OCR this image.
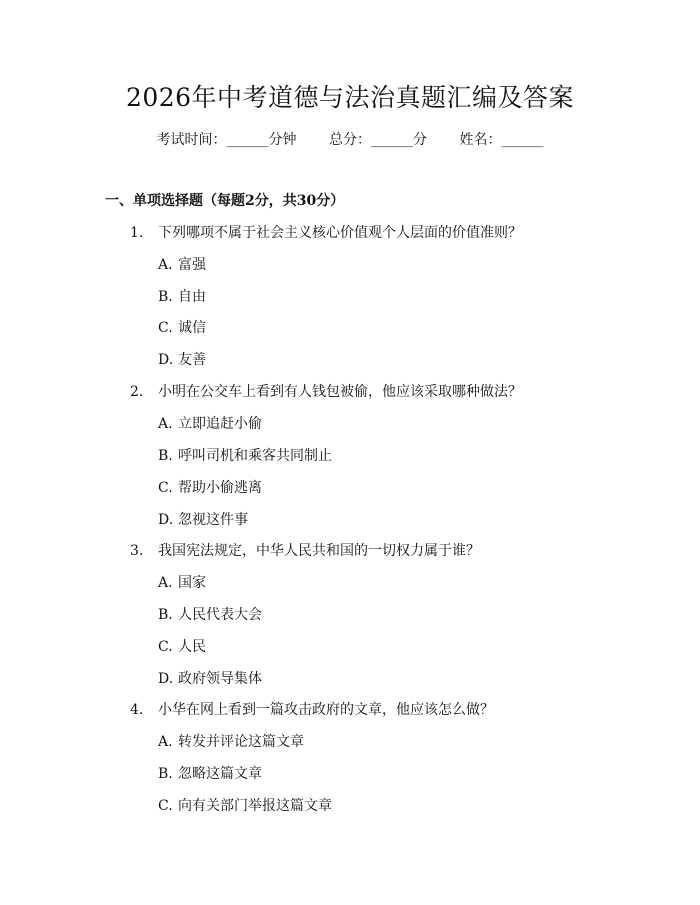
2026年中考道德与法治真题汇编及答案
考试时间：______分钟 总分：______分 姓名：______
一、单项选择题（每题2分，共30分）
1. 下列哪项不属于社会主义核心价值观个人层面的价值准则？
A. 富强
B. 自由
C. 诚信
D. 友善
2. 小明在公交车上看到有人钱包被偷，他应该采取哪种做法？
A. 立即追赶小偷
B. 呼叫司机和乘客共同制止
C. 帮助小偷逃离
D. 忽视这件事
3. 我国宪法规定，中华人民共和国的一切权力属于谁？
A. 国家
B. 人民代表大会
C. 人民
D. 政府领导集体
4. 小华在网上看到一篇攻击政府的文章，他应该怎么做？
A. 转发并评论这篇文章
B. 忽略这篇文章
C. 向有关部门举报这篇文章
